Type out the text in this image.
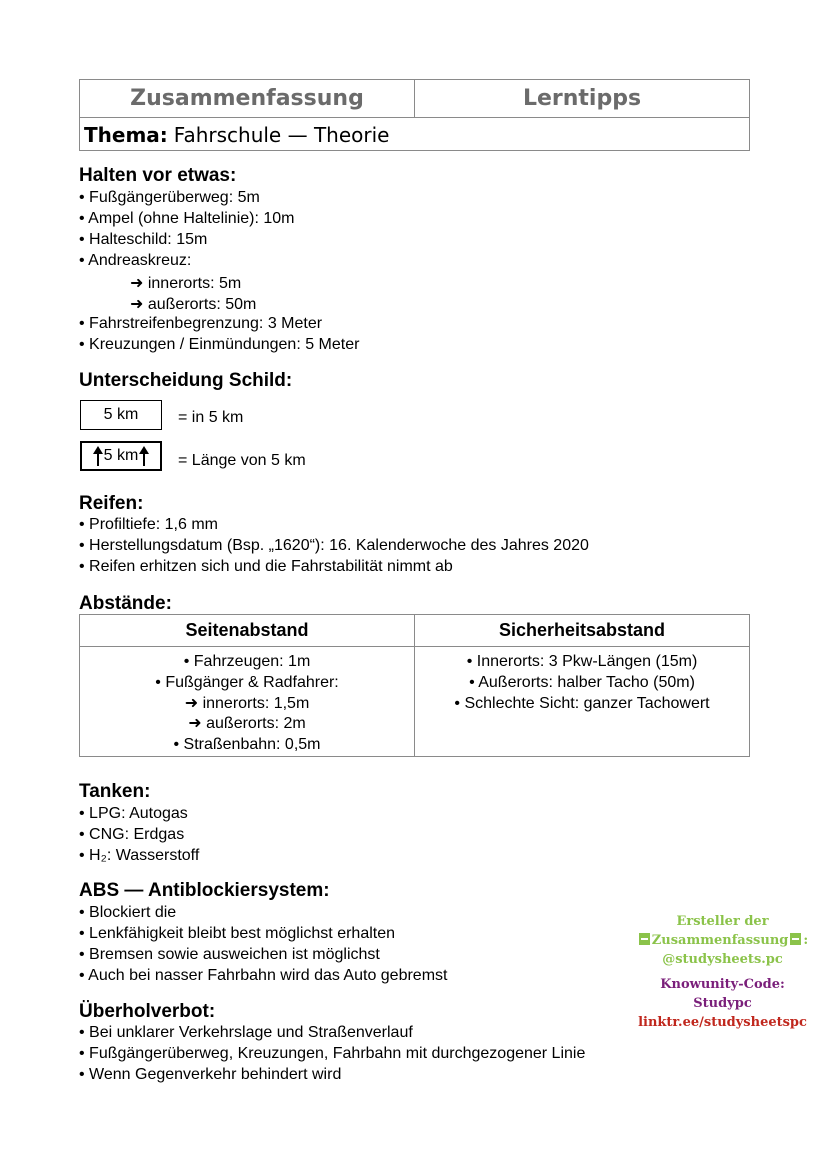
Zusammenfassung	Lerntipps
Thema: Fahrschule — Theorie
Halten vor etwas:
• Fußgängerüberweg: 5m
• Ampel (ohne Haltelinie): 10m
• Halteschild: 15m
• Andreaskreuz:
➜ innerorts: 5m
➜ außerorts: 50m
• Fahrstreifenbegrenzung: 3 Meter
• Kreuzungen / Einmündungen: 5 Meter
Unterscheidung Schild:
5 km = in 5 km
5 km = Länge von 5 km
Reifen:
• Profiltiefe: 1,6 mm
• Herstellungsdatum (Bsp. „1620“): 16. Kalenderwoche des Jahres 2020
• Reifen erhitzen sich und die Fahrstabilität nimmt ab
Abstände:
Seitenabstand	Sicherheitsabstand
• Fahrzeugen: 1m
• Fußgänger & Radfahrer:
➜ innerorts: 1,5m
➜ außerorts: 2m
• Straßenbahn: 0,5m
• Innerorts: 3 Pkw-Längen (15m)
• Außerorts: halber Tacho (50m)
• Schlechte Sicht: ganzer Tachowert
Tanken:
• LPG: Autogas
• CNG: Erdgas
• H₂: Wasserstoff
ABS — Antiblockiersystem:
• Blockiert die
• Lenkfähigkeit bleibt best möglichst erhalten
• Bremsen sowie ausweichen ist möglichst
• Auch bei nasser Fahrbahn wird das Auto gebremst
Überholverbot:
• Bei unklarer Verkehrslage und Straßenverlauf
• Fußgängerüberweg, Kreuzungen, Fahrbahn mit durchgezogener Linie
• Wenn Gegenverkehr behindert wird
Ersteller der
Zusammenfassung :
@studysheets.pc
Knowunity-Code:
Studypc
linktr.ee/studysheetspc
